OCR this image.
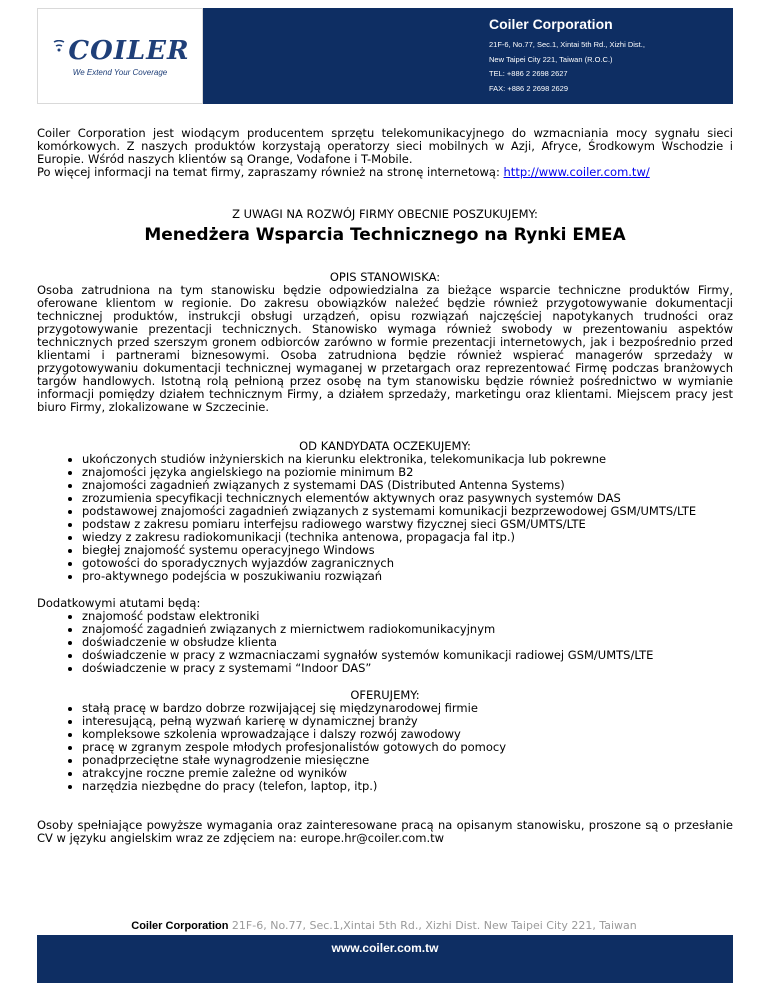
COILER
We Extend Your Coverage
Coiler Corporation
21F-6, No.77, Sec.1, Xintai 5th Rd., Xizhi Dist.,
New Taipei City 221, Taiwan (R.O.C.)
TEL: +886 2 2698 2627
FAX: +886 2 2698 2629

Coiler Corporation jest wiodącym producentem sprzętu telekomunikacyjnego do wzmacniania mocy sygnału sieci komórkowych. Z naszych produktów korzystają operatorzy sieci mobilnych w Azji, Afryce, Środkowym Wschodzie i Europie. Wśród naszych klientów są Orange, Vodafone i T-Mobile.

Po więcej informacji na temat firmy, zapraszamy również na stronę internetową: http://www.coiler.com.tw/

Z UWAGI NA ROZWÓJ FIRMY OBECNIE POSZUKUJEMY:
Menedżera Wsparcia Technicznego na Rynki EMEA
OPIS STANOWISKA:

Osoba zatrudniona na tym stanowisku będzie odpowiedzialna za bieżące wsparcie techniczne produktów Firmy, oferowane klientom w regionie. Do zakresu obowiązków należeć będzie również przygotowywanie dokumentacji technicznej produktów, instrukcji obsługi urządzeń, opisu rozwiązań najczęściej napotykanych trudności oraz przygotowywanie prezentacji technicznych. Stanowisko wymaga również swobody w prezentowaniu aspektów technicznych przed szerszym gronem odbiorców zarówno w formie prezentacji internetowych, jak i bezpośrednio przed klientami i partnerami biznesowymi. Osoba zatrudniona będzie również wspierać managerów sprzedaży w przygotowywaniu dokumentacji technicznej wymaganej w przetargach oraz reprezentować Firmę podczas branżowych targów handlowych. Istotną rolą pełnioną przez osobę na tym stanowisku będzie również pośrednictwo w wymianie informacji pomiędzy działem technicznym Firmy, a działem sprzedaży, marketingu oraz klientami. Miejscem pracy jest biuro Firmy, zlokalizowane w Szczecinie.

OD KANDYDATA OCZEKUJEMY:
• ukończonych studiów inżynierskich na kierunku elektronika, telekomunikacja lub pokrewne
• znajomości języka angielskiego na poziomie minimum B2
• znajomości zagadnień związanych z systemami DAS (Distributed Antenna Systems)
• zrozumienia specyfikacji technicznych elementów aktywnych oraz pasywnych systemów DAS
• podstawowej znajomości zagadnień związanych z systemami komunikacji bezprzewodowej GSM/UMTS/LTE
• podstaw z zakresu pomiaru interfejsu radiowego warstwy fizycznej sieci GSM/UMTS/LTE
• wiedzy z zakresu radiokomunikacji (technika antenowa, propagacja fal itp.)
• biegłej znajomość systemu operacyjnego Windows
• gotowości do sporadycznych wyjazdów zagranicznych
• pro-aktywnego podejścia w poszukiwaniu rozwiązań
Dodatkowymi atutami będą:
• znajomość podstaw elektroniki
• znajomość zagadnień związanych z miernictwem radiokomunikacyjnym
• doświadczenie w obsłudze klienta
• doświadczenie w pracy z wzmacniaczami sygnałów systemów komunikacji radiowej GSM/UMTS/LTE
• doświadczenie w pracy z systemami “Indoor DAS”
OFERUJEMY:
• stałą pracę w bardzo dobrze rozwijającej się międzynarodowej firmie
• interesującą, pełną wyzwań karierę w dynamicznej branży
• kompleksowe szkolenia wprowadzające i dalszy rozwój zawodowy
• pracę w zgranym zespole młodych profesjonalistów gotowych do pomocy
• ponadprzeciętne stałe wynagrodzenie miesięczne
• atrakcyjne roczne premie zależne od wyników
• narzędzia niezbędne do pracy (telefon, laptop, itp.)

Osoby spełniające powyższe wymagania oraz zainteresowane pracą na opisanym stanowisku, proszone są o przesłanie CV w języku angielskim wraz ze zdjęciem na: europe.hr@coiler.com.tw

Coiler Corporation 21F-6, No.77, Sec.1,Xintai 5th Rd., Xizhi Dist. New Taipei City 221, Taiwan
www.coiler.com.tw
